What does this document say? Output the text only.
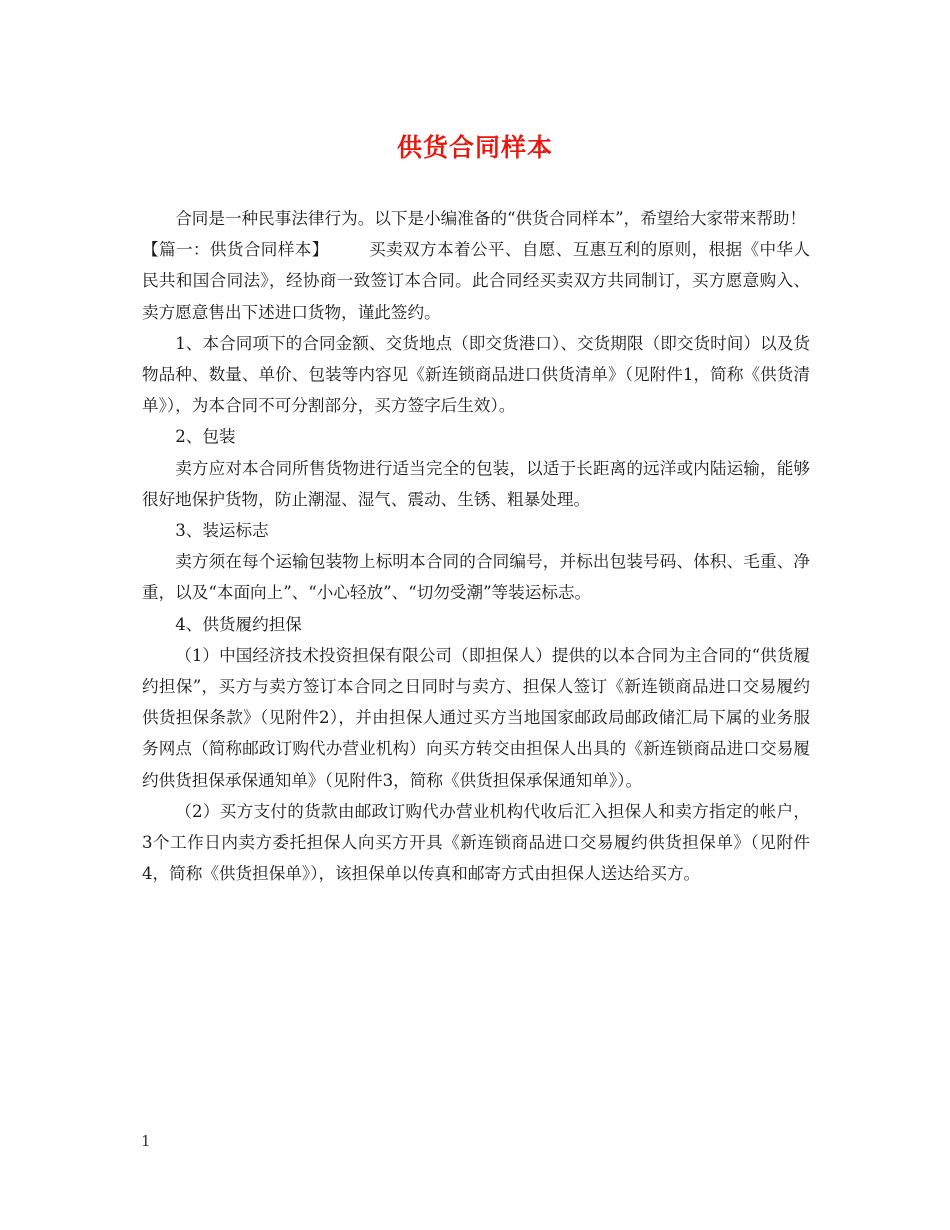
供货合同样本

合同是一种民事法律行为。以下是小编准备的“供货合同样本”，希望给大家带来帮助！

【篇一：供货合同样本】 买卖双方本着公平、自愿、互惠互利的原则，根据《中华人民共和国合同法》，经协商一致签订本合同。此合同经买卖双方共同制订，买方愿意购入、卖方愿意售出下述进口货物，谨此签约。

1、本合同项下的合同金额、交货地点（即交货港口）、交货期限（即交货时间）以及货物品种、数量、单价、包装等内容见《新连锁商品进口供货清单》（见附件1，简称《供货清单》），为本合同不可分割部分，买方签字后生效）。

2、包装

卖方应对本合同所售货物进行适当完全的包装，以适于长距离的远洋或内陆运输，能够很好地保护货物，防止潮湿、湿气、震动、生锈、粗暴处理。

3、装运标志

卖方须在每个运输包装物上标明本合同的合同编号，并标出包装号码、体积、毛重、净重，以及“本面向上”、“小心轻放”、“切勿受潮”等装运标志。

4、供货履约担保

（1）中国经济技术投资担保有限公司（即担保人）提供的以本合同为主合同的“供货履约担保”，买方与卖方签订本合同之日同时与卖方、担保人签订《新连锁商品进口交易履约供货担保条款》（见附件2），并由担保人通过买方当地国家邮政局邮政储汇局下属的业务服务网点（简称邮政订购代办营业机构）向买方转交由担保人出具的《新连锁商品进口交易履约供货担保承保通知单》（见附件3，简称《供货担保承保通知单》）。

（2）买方支付的货款由邮政订购代办营业机构代收后汇入担保人和卖方指定的帐户，3个工作日内卖方委托担保人向买方开具《新连锁商品进口交易履约供货担保单》（见附件4，简称《供货担保单》），该担保单以传真和邮寄方式由担保人送达给买方。

1
